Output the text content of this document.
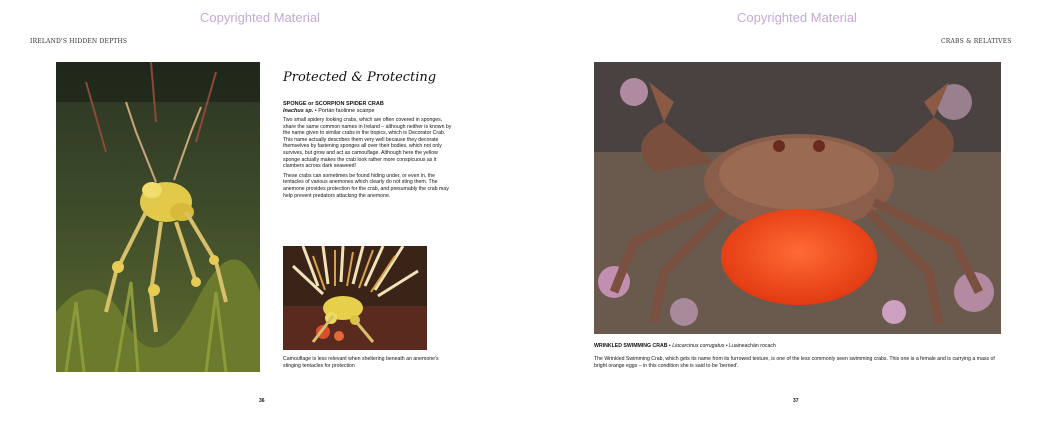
Copyrighted Material
IRELAND'S HIDDEN DEPTHS
Protected & Protecting
SPONGE or SCORPION SPIDER CRAB
Inachus sp. • Portán faolinne scairpe

Two small spidery looking crabs, which are often covered in sponges, share the same common names in Ireland – although neither is known by the name given to similar crabs in the tropics, which is Decorator Crab. This name actually describes them very well because they decorate themselves by fastening sponges all over their bodies, which not only survives, but grow and act as camouflage. Although here the yellow sponge actually makes the crab look rather more conspicuous as it clambers across dark seaweed!

These crabs can sometimes be found hiding under, or even in, the tentacles of various anemones which clearly do not sting them. The anemone provides protection for the crab, and presumably the crab may help prevent predators attacking the anemone.

Camouflage is less relevant when sheltering beneath an anemone's stinging tentacles for protection
36
Copyrighted Material
CRABS & RELATIVES
WRINKLED SWIMMING CRAB • Liocarcinus corrugatus • Luaineachán rocach
The Wrinkled Swimming Crab, which gets its name from its furrowed texture, is one of the less commonly seen swimming crabs. This one is a female and is carrying a mass of bright orange eggs – in this condition she is said to be 'berried'.
37
